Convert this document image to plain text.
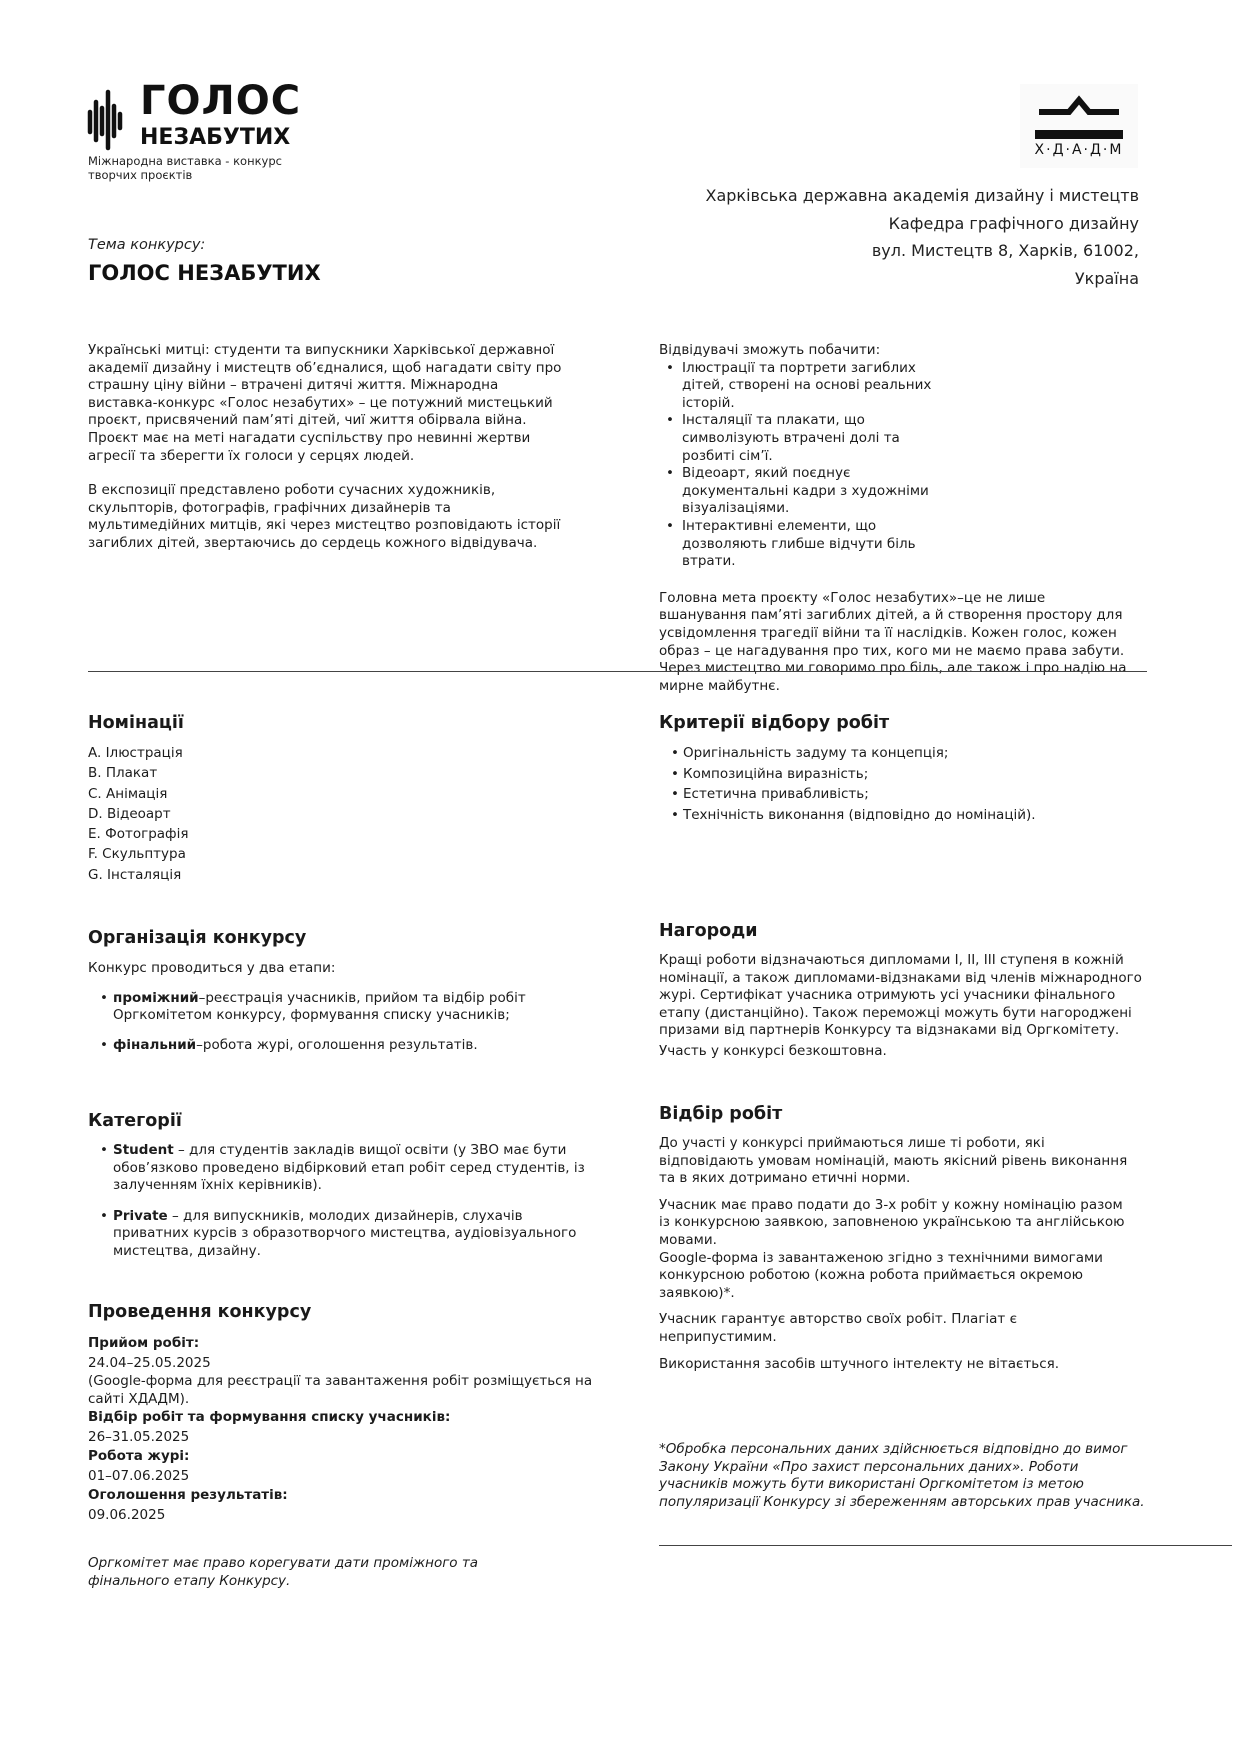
ГОЛОС
НЕЗАБУТИХ
Міжнародна виставка - конкурс
творчих проєктів
Х·Д·А·Д·М
Харківська державна академія дизайну і мистецтв
Кафедра графічного дизайну
вул. Мистецтв 8, Харків, 61002,
Україна
Тема конкурсу:
ГОЛОС НЕЗАБУТИХ

Українські митці: студенти та випускники Харківської державної академії дизайну і мистецтв об’єдналися, щоб нагадати світу про страшну ціну війни – втрачені дитячі життя. Міжнародна виставка-конкурс «Голос незабутих» – це потужний мистецький проєкт, присвячений пам’яті дітей, чиї життя обірвала війна. Проєкт має на меті нагадати суспільству про невинні жертви агресії та зберегти їх голоси у серцях людей.

В експозиції представлено роботи сучасних художників, скульпторів, фотографів, графічних дизайнерів та мультимедійних митців, які через мистецтво розповідають історії загиблих дітей, звертаючись до сердець кожного відвідувача.

Відвідувачі зможуть побачити:

• Ілюстрації та портрети загиблих дітей, створені на основі реальних історій.
• Інсталяції та плакати, що символізують втрачені долі та розбиті сім’ї.
• Відеоарт, який поєднує документальні кадри з художніми візуалізаціями.
• Інтерактивні елементи, що дозволяють глибше відчути біль втрати.

Головна мета проєкту «Голос незабутих»–це не лише вшанування пам’яті загиблих дітей, а й створення простору для усвідомлення трагедії війни та її наслідків. Кожен голос, кожен образ – це нагадування про тих, кого ми не маємо права забути. Через мистецтво ми говоримо про біль, але також і про надію на мирне майбутнє.

Номінації
A. Ілюстрація
B. Плакат
C. Анімація
D. Відеоарт
E. Фотографія
F. Скульптура
G. Інсталяція
Критерії відбору робіт
• Оригінальність задуму та концепція;
• Композиційна виразність;
• Естетична привабливість;
• Технічність виконання (відповідно до номінацій).
Організація конкурсу

Конкурс проводиться у два етапи:

• проміжний–реєстрація учасників, прийом та відбір робіт Оргкомітетом конкурсу, формування списку учасників;
• фінальний–робота журі, оголошення результатів.
Нагороди

Кращі роботи відзначаються дипломами І, ІІ, ІІІ ступеня в кожній номінації, а також дипломами-відзнаками від членів міжнародного журі. Сертифікат учасника отримують усі учасники фінального етапу (дистанційно). Також переможці можуть бути нагороджені призами від партнерів Конкурсу та відзнаками від Оргкомітету.

Участь у конкурсі безкоштовна.

Категорії
• Student – для студентів закладів вищої освіти (у ЗВО має бути обов’язково проведено відбірковий етап робіт серед студентів, із залученням їхніх керівників).
• Private – для випускників, молодих дизайнерів, слухачів приватних курсів з образотворчого мистецтва, аудіовізуального мистецтва, дизайну.
Відбір робіт

До участі у конкурсі приймаються лише ті роботи, які відповідають умовам номінацій, мають якісний рівень виконання та в яких дотримано етичні норми.

Учасник має право подати до 3-х робіт у кожну номінацію разом із конкурсною заявкою, заповненою українською та англійською мовами.

Google-форма із завантаженою згідно з технічними вимогами конкурсною роботою (кожна робота приймається окремою заявкою)*.

Учасник гарантує авторство своїх робіт. Плагіат є неприпустимим.

Використання засобів штучного інтелекту не вітається.

Проведення конкурсу
Прийом робіт:
24.04–25.05.2025
(Google-форма для реєстрації та завантаження робіт розміщується на сайті ХДАДМ).
Відбір робіт та формування списку учасників:
26–31.05.2025
Робота журі:
01–07.06.2025
Оголошення результатів:
09.06.2025
Оргкомітет має право корегувати дати проміжного та фінального етапу Конкурсу.
*Обробка персональних даних здійснюється відповідно до вимог Закону України «Про захист персональних даних». Роботи учасників можуть бути використані Оргкомітетом із метою популяризації Конкурсу зі збереженням авторських прав учасника.
